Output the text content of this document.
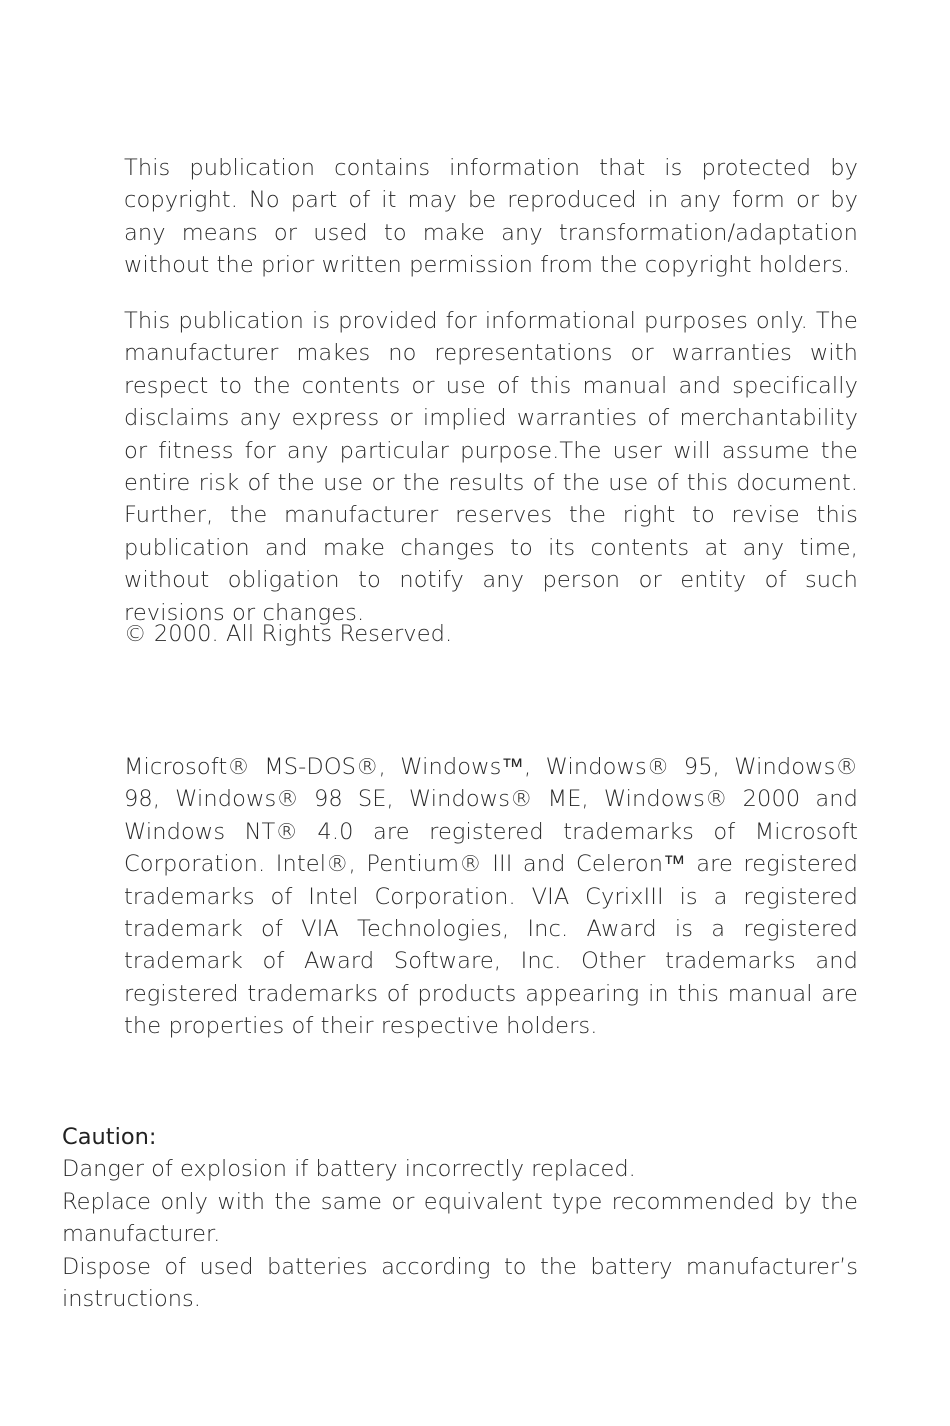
This publication contains information that is protected by copyright. No part of it may be reproduced in any form or by any means or used to make any transformation/adaptation without the prior written permission from the copyright holders.

This publication is provided for informational purposes only. The manufacturer makes no representations or warranties with respect to the contents or use of this manual and specifically disclaims any express or implied warranties of merchantability or fitness for any particular purpose.The user will assume the entire risk of the use or the results of the use of this document. Further, the manufacturer reserves the right to revise this publication and make changes to its contents at any time, without obligation to notify any person or entity of such revisions or changes.

© 2000. All Rights Reserved.

Microsoft® MS-DOS®, Windows™, Windows® 95, Windows® 98, Windows® 98 SE, Windows® ME, Windows® 2000 and Windows NT® 4.0 are registered trademarks of Microsoft Corporation. Intel®, Pentium® III and Celeron™ are registered trademarks of Intel Corporation. VIA CyrixIII is a registered trademark of VIA Technologies, Inc. Award is a registered trademark of Award Software, Inc. Other trademarks and registered trademarks of products appearing in this manual are the properties of their respective holders.

Caution:

Danger of explosion if battery incorrectly replaced.

Replace only with the same or equivalent type recommended by the manufacturer.

Dispose of used batteries according to the battery manufacturer’s instructions.
